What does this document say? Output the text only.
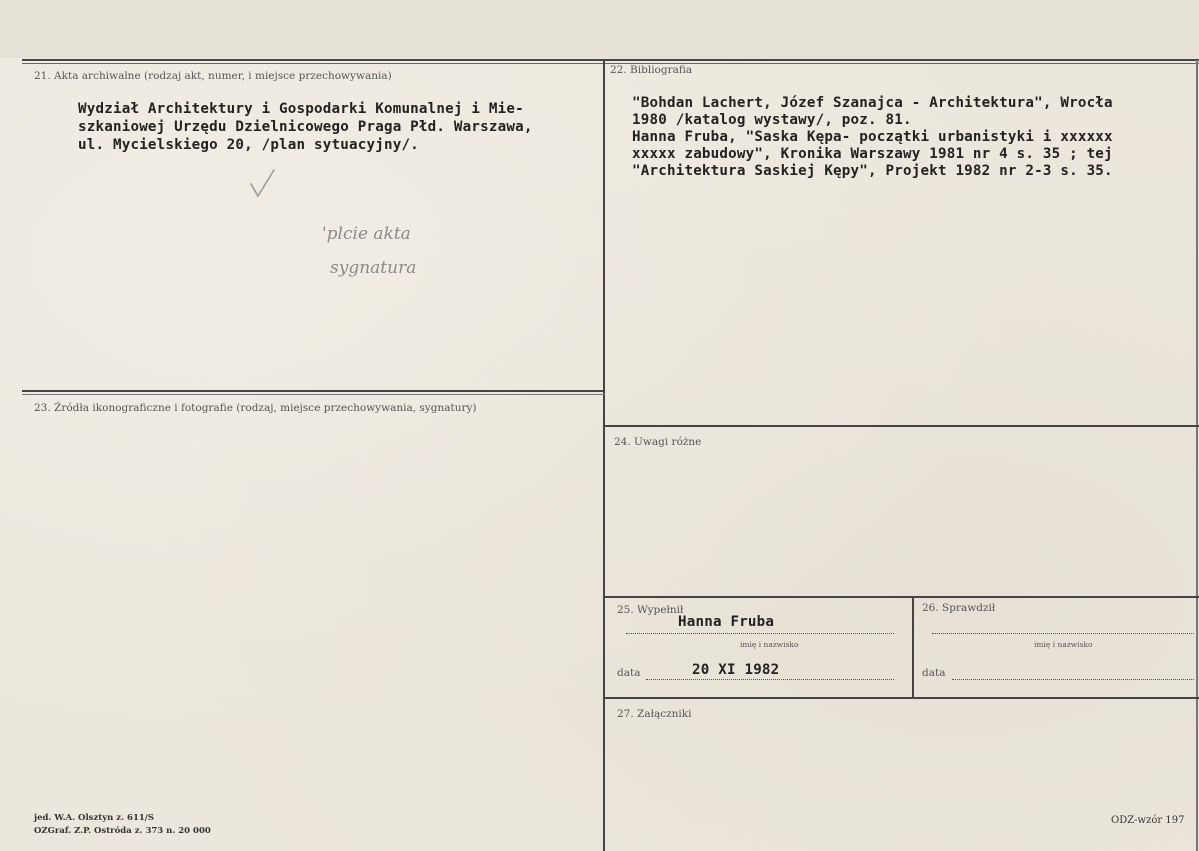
21. Akta archiwalne (rodzaj akt, numer, i miejsce przechowywania)
Wydział Architektury i Gospodarki Komunalnej i Mie-
szkaniowej Urzędu Dzielnicowego Praga Płd. Warszawa,
ul. Mycielskiego 20, /plan sytuacyjny/.
'plcie akta
sygnatura
22. Bibliografia
"Bohdan Lachert, Józef Szanajca - Architektura", Wrocła
1980 /katalog wystawy/, poz. 81.
Hanna Fruba, "Saska Kępa- początki urbanistyki i xxxxxx
xxxxx zabudowy", Kronika Warszawy 1981 nr 4 s. 35 ; tej
"Architektura Saskiej Kępy", Projekt 1982 nr 2-3 s. 35.
23. Źródła ikonograficzne i fotografie (rodzaj, miejsce przechowywania, sygnatury)
24. Uwagi różne
25. Wypełnił
Hanna Fruba
imię i nazwisko
data	20 XI 1982
26. Sprawdził
imię i nazwisko
data
27. Załączniki
jed. W.A. Olsztyn z. 611/S
OZGraf. Z.P. Ostróda z. 373 n. 20 000
ODZ-wzór 197
